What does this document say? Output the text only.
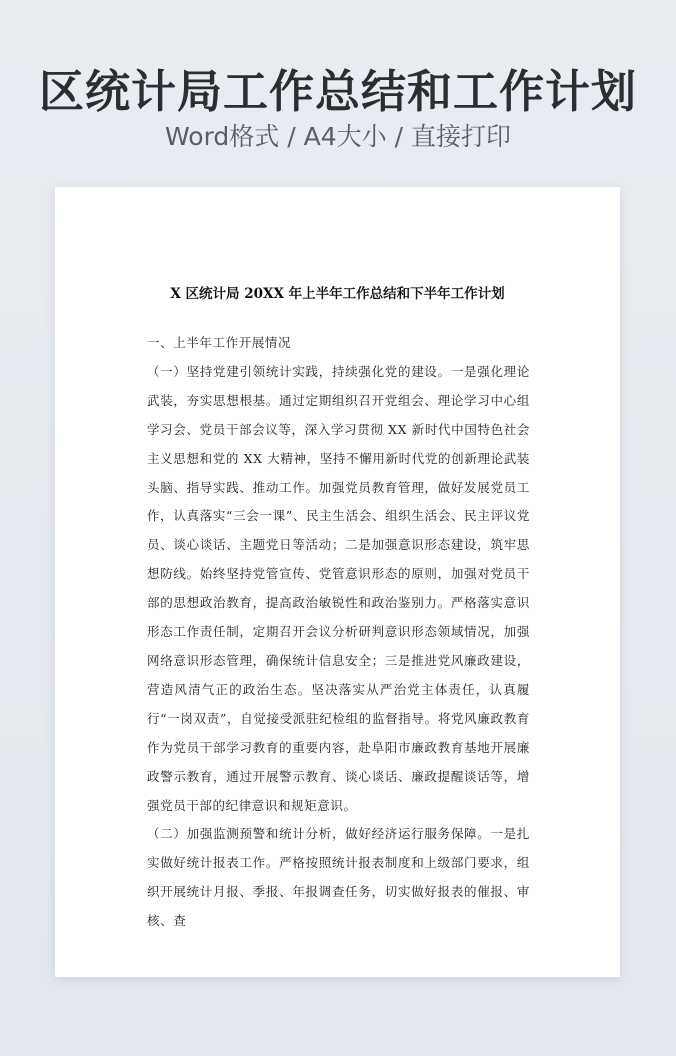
区统计局工作总结和工作计划
Word格式 / A4大小 / 直接打印
X 区统计局 20XX 年上半年工作总结和下半年工作计划

一、上半年工作开展情况

（一）坚持党建引领统计实践，持续强化党的建设。一是强化理论武装，夯实思想根基。通过定期组织召开党组会、理论学习中心组学习会、党员干部会议等，深入学习贯彻 XX 新时代中国特色社会主义思想和党的 XX 大精神，坚持不懈用新时代党的创新理论武装头脑、指导实践、推动工作。加强党员教育管理，做好发展党员工作，认真落实“三会一课”、民主生活会、组织生活会、民主评议党员、谈心谈话、主题党日等活动；二是加强意识形态建设，筑牢思想防线。始终坚持党管宣传、党管意识形态的原则，加强对党员干部的思想政治教育，提高政治敏锐性和政治鉴别力。严格落实意识形态工作责任制，定期召开会议分析研判意识形态领域情况，加强网络意识形态管理，确保统计信息安全；三是推进党风廉政建设，营造风清气正的政治生态。坚决落实从严治党主体责任，认真履行“一岗双责”，自觉接受派驻纪检组的监督指导。将党风廉政教育作为党员干部学习教育的重要内容，赴阜阳市廉政教育基地开展廉政警示教育，通过开展警示教育、谈心谈话、廉政提醒谈话等，增强党员干部的纪律意识和规矩意识。

（二）加强监测预警和统计分析，做好经济运行服务保障。一是扎实做好统计报表工作。严格按照统计报表制度和上级部门要求，组织开展统计月报、季报、年报调查任务，切实做好报表的催报、审核、查
